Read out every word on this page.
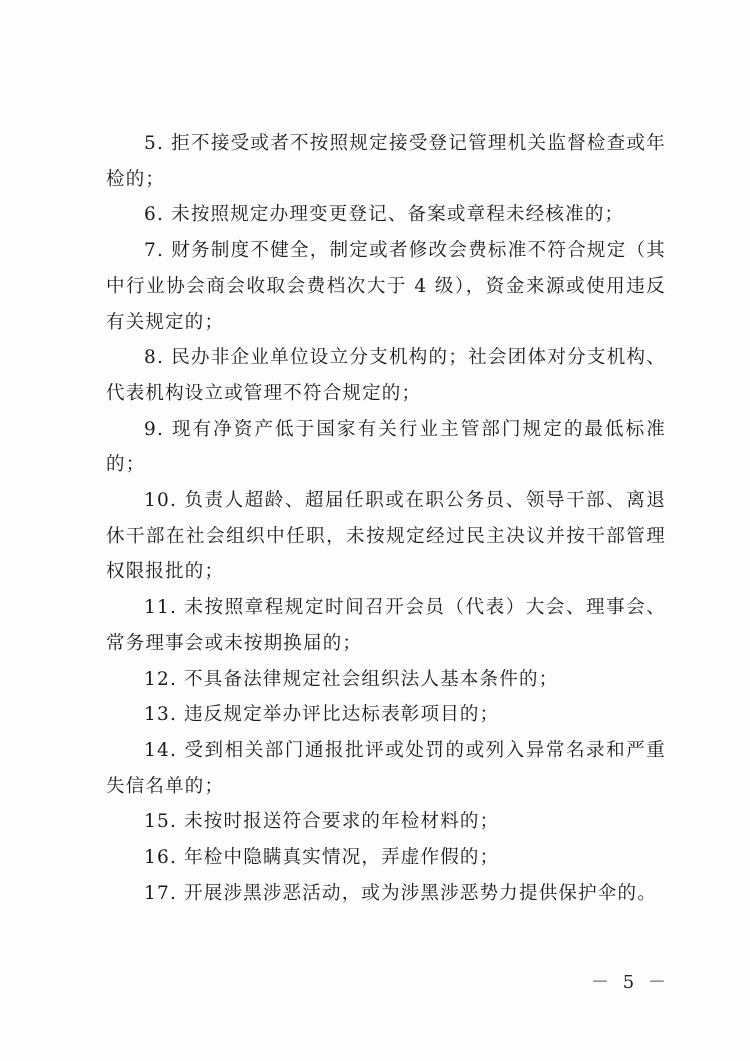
5. 拒不接受或者不按照规定接受登记管理机关监督检查或年检的；

6. 未按照规定办理变更登记、备案或章程未经核准的；

7. 财务制度不健全，制定或者修改会费标准不符合规定（其中行业协会商会收取会费档次大于 4 级），资金来源或使用违反有关规定的；

8. 民办非企业单位设立分支机构的；社会团体对分支机构、代表机构设立或管理不符合规定的；

9. 现有净资产低于国家有关行业主管部门规定的最低标准的；

10. 负责人超龄、超届任职或在职公务员、领导干部、离退休干部在社会组织中任职，未按规定经过民主决议并按干部管理权限报批的；

11. 未按照章程规定时间召开会员（代表）大会、理事会、常务理事会或未按期换届的；

12. 不具备法律规定社会组织法人基本条件的；

13. 违反规定举办评比达标表彰项目的；

14. 受到相关部门通报批评或处罚的或列入异常名录和严重失信名单的；

15. 未按时报送符合要求的年检材料的；

16. 年检中隐瞒真实情况，弄虚作假的；

17. 开展涉黑涉恶活动，或为涉黑涉恶势力提供保护伞的。

－ 5 －
